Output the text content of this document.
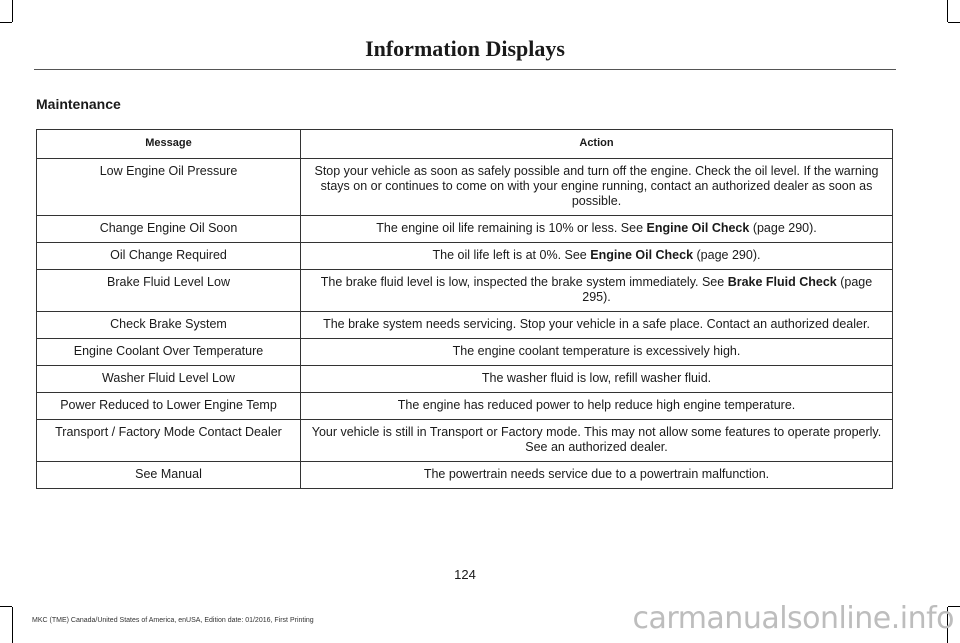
Information Displays
Maintenance
Message	Action
Low Engine Oil Pressure	Stop your vehicle as soon as safely possible and turn off the engine. Check the oil level. If the warning stays on or continues to come on with your engine running, contact an authorized dealer as soon as possible.
Change Engine Oil Soon	The engine oil life remaining is 10% or less. See Engine Oil Check (page 290).
Oil Change Required	The oil life left is at 0%. See Engine Oil Check (page 290).
Brake Fluid Level Low	The brake fluid level is low, inspected the brake system immediately. See Brake Fluid Check (page 295).
Check Brake System	The brake system needs servicing. Stop your vehicle in a safe place. Contact an authorized dealer.
Engine Coolant Over Temperature	The engine coolant temperature is excessively high.
Washer Fluid Level Low	The washer fluid is low, refill washer fluid.
Power Reduced to Lower Engine Temp	The engine has reduced power to help reduce high engine temperature.
Transport / Factory Mode Contact Dealer	Your vehicle is still in Transport or Factory mode. This may not allow some features to operate properly. See an authorized dealer.
See Manual	The powertrain needs service due to a powertrain malfunction.
124
MKC (TME) Canada/United States of America, enUSA, Edition date: 01/2016, First Printing	carmanualsonline.info
